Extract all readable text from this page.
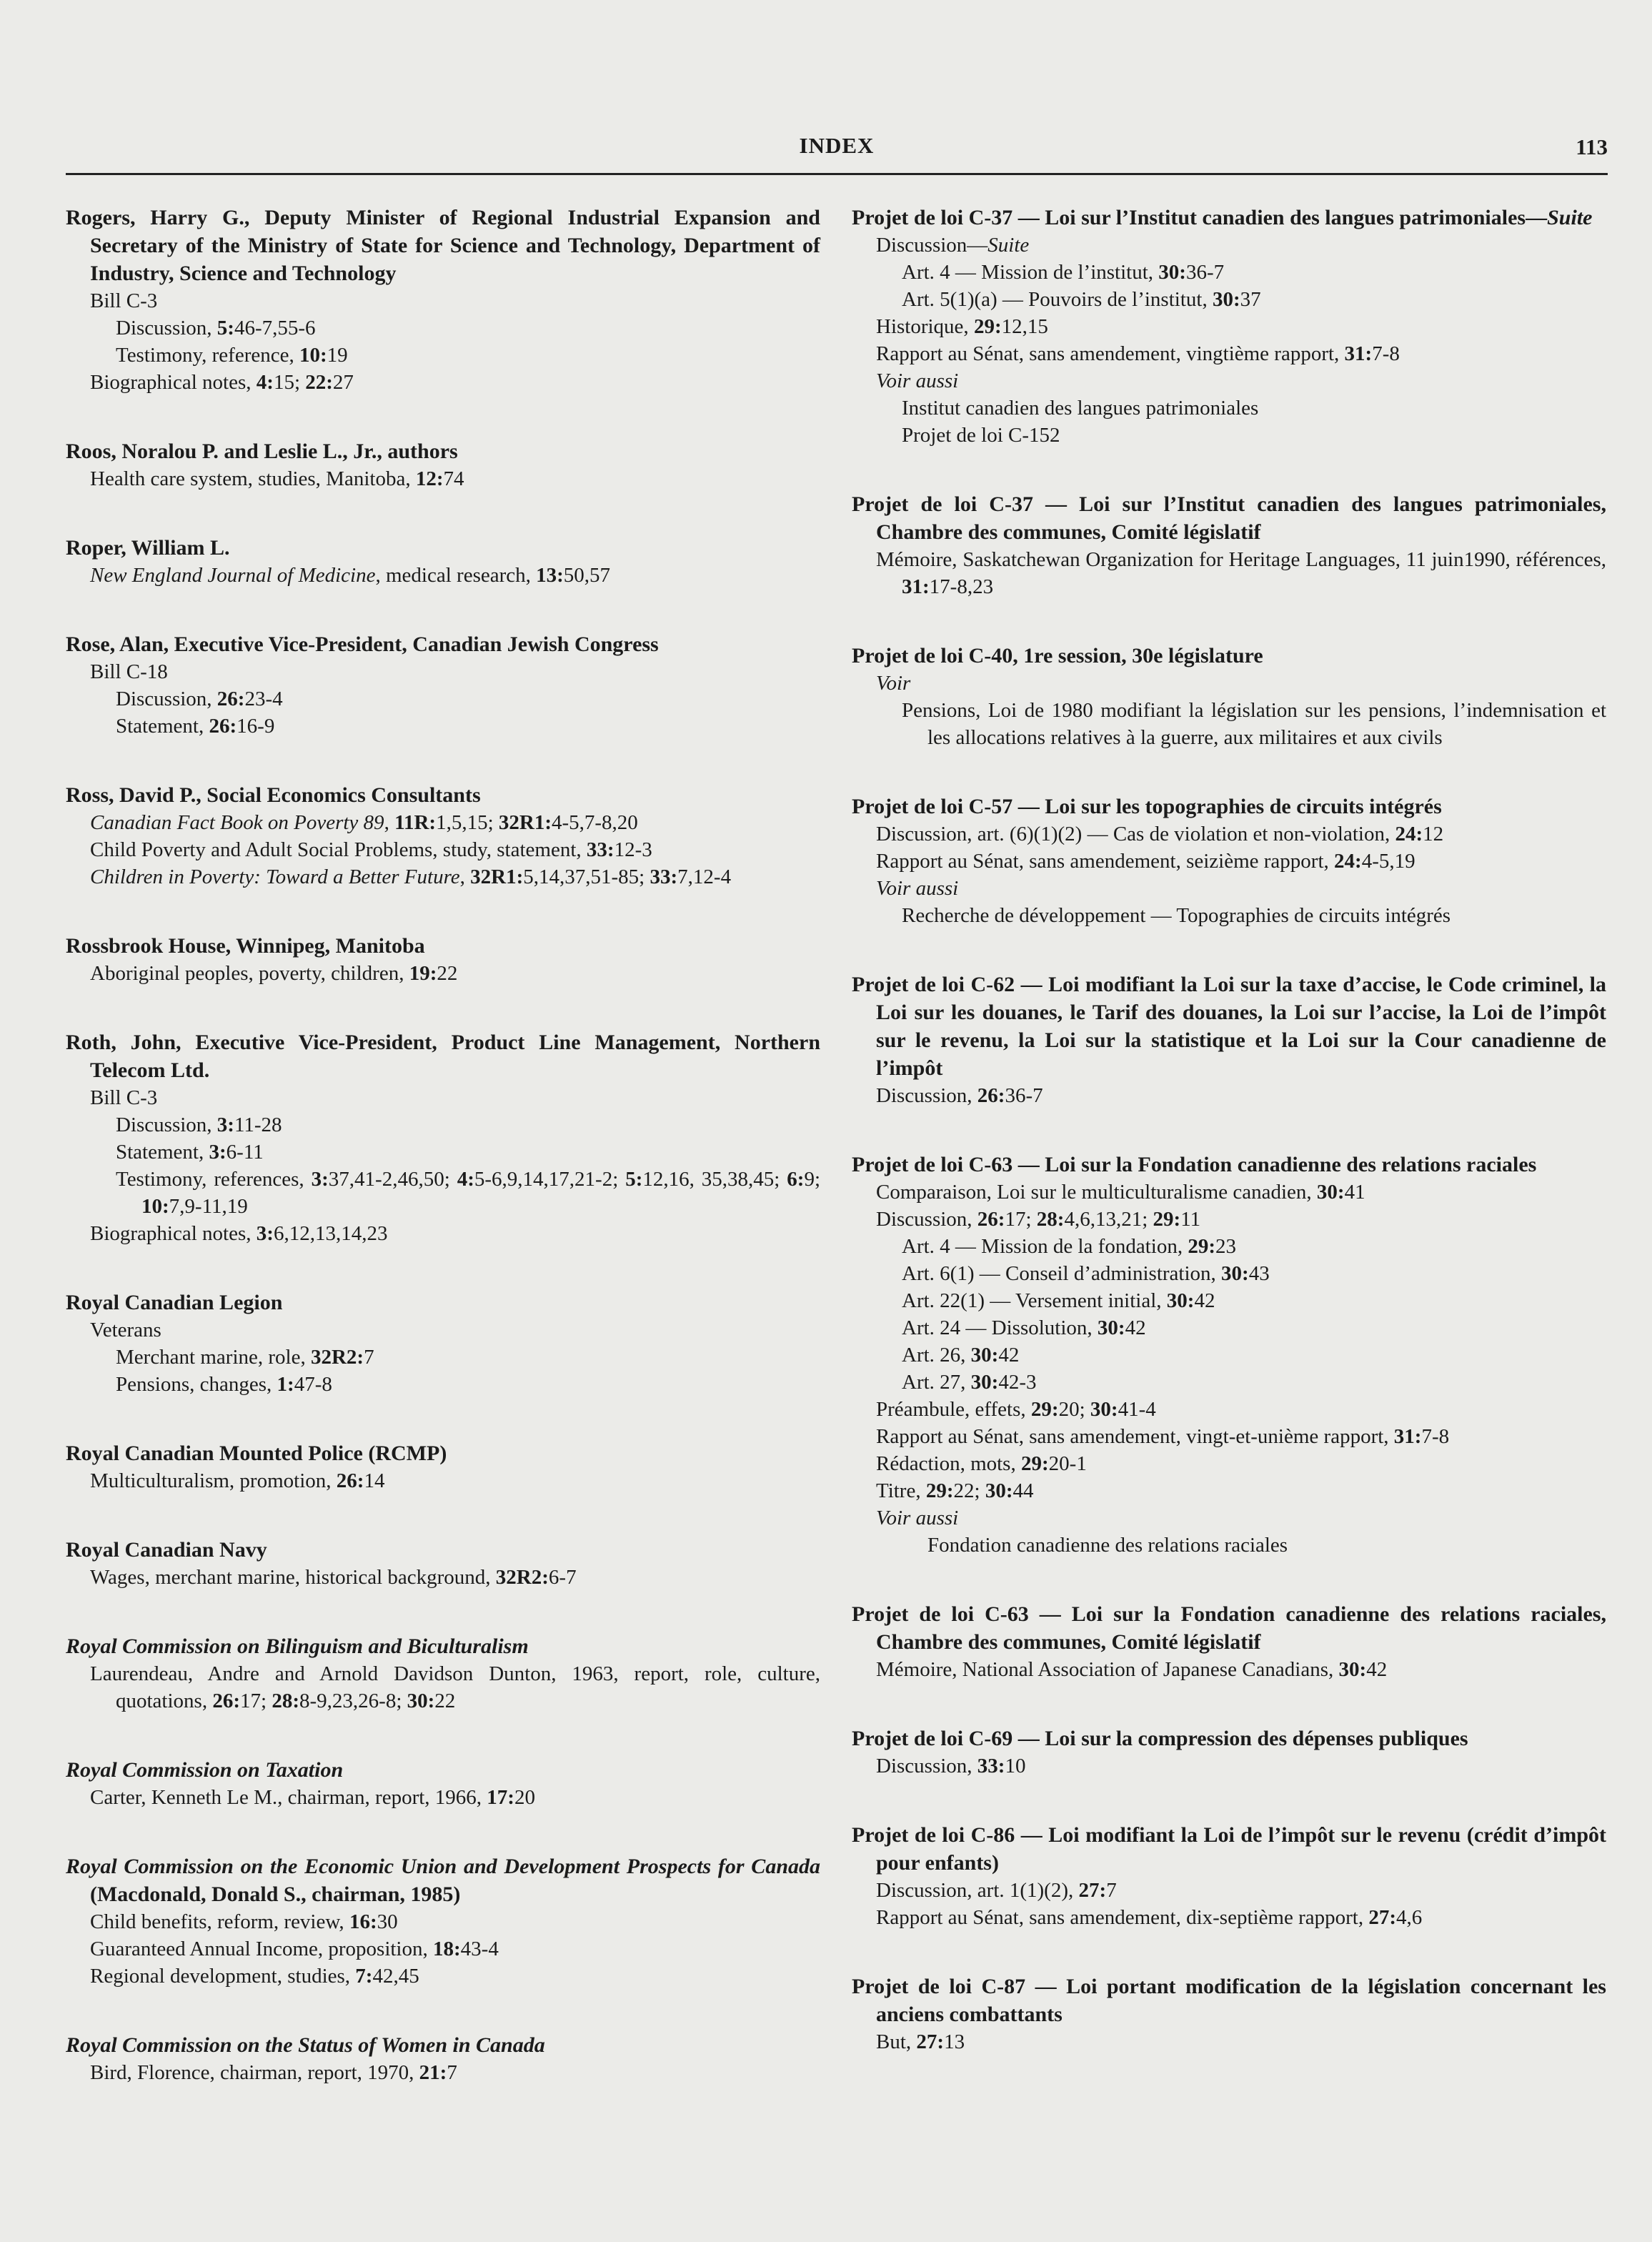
INDEX	113
Rogers, Harry G., Deputy Minister of Regional Industrial Expansion and Secretary of the Ministry of State for Science and Technology, Department of Industry, Science and Technology
Bill C-3
Discussion, 5:46-7,55-6
Testimony, reference, 10:19
Biographical notes, 4:15; 22:27
Roos, Noralou P. and Leslie L., Jr., authors
Health care system, studies, Manitoba, 12:74
Roper, William L.
New England Journal of Medicine, medical research, 13:50,57
Rose, Alan, Executive Vice-President, Canadian Jewish Congress
Bill C-18
Discussion, 26:23-4
Statement, 26:16-9
Ross, David P., Social Economics Consultants
Canadian Fact Book on Poverty 89, 11R:1,5,15; 32R1:4-5,7-8,20
Child Poverty and Adult Social Problems, study, statement, 33:12-3
Children in Poverty: Toward a Better Future, 32R1:5,14,37,51-85; 33:7,12-4
Rossbrook House, Winnipeg, Manitoba
Aboriginal peoples, poverty, children, 19:22
Roth, John, Executive Vice-President, Product Line Management, Northern Telecom Ltd.
Bill C-3
Discussion, 3:11-28
Statement, 3:6-11
Testimony, references, 3:37,41-2,46,50; 4:5-6,9,14,17,21-2; 5:12,16, 35,38,45; 6:9; 10:7,9-11,19
Biographical notes, 3:6,12,13,14,23
Royal Canadian Legion
Veterans
Merchant marine, role, 32R2:7
Pensions, changes, 1:47-8
Royal Canadian Mounted Police (RCMP)
Multiculturalism, promotion, 26:14
Royal Canadian Navy
Wages, merchant marine, historical background, 32R2:6-7
Royal Commission on Bilinguism and Biculturalism
Laurendeau, Andre and Arnold Davidson Dunton, 1963, report, role, culture, quotations, 26:17; 28:8-9,23,26-8; 30:22
Royal Commission on Taxation
Carter, Kenneth Le M., chairman, report, 1966, 17:20
Royal Commission on the Economic Union and Development Prospects for Canada (Macdonald, Donald S., chairman, 1985)
Child benefits, reform, review, 16:30
Guaranteed Annual Income, proposition, 18:43-4
Regional development, studies, 7:42,45
Royal Commission on the Status of Women in Canada
Bird, Florence, chairman, report, 1970, 21:7
Projet de loi C-37 — Loi sur l’Institut canadien des langues patrimoniales—Suite
Discussion—Suite
Art. 4 — Mission de l’institut, 30:36-7
Art. 5(1)(a) — Pouvoirs de l’institut, 30:37
Historique, 29:12,15
Rapport au Sénat, sans amendement, vingtième rapport, 31:7-8
Voir aussi
Institut canadien des langues patrimoniales
Projet de loi C-152
Projet de loi C-37 — Loi sur l’Institut canadien des langues patrimoniales, Chambre des communes, Comité législatif
Mémoire, Saskatchewan Organization for Heritage Languages, 11 juin1990, références, 31:17-8,23
Projet de loi C-40, 1re session, 30e législature
Voir
Pensions, Loi de 1980 modifiant la législation sur les pensions, l’indemnisation et les allocations relatives à la guerre, aux militaires et aux civils
Projet de loi C-57 — Loi sur les topographies de circuits intégrés
Discussion, art. (6)(1)(2) — Cas de violation et non-violation, 24:12
Rapport au Sénat, sans amendement, seizième rapport, 24:4-5,19
Voir aussi
Recherche de développement — Topographies de circuits intégrés
Projet de loi C-62 — Loi modifiant la Loi sur la taxe d’accise, le Code criminel, la Loi sur les douanes, le Tarif des douanes, la Loi sur l’accise, la Loi de l’impôt sur le revenu, la Loi sur la statistique et la Loi sur la Cour canadienne de l’impôt
Discussion, 26:36-7
Projet de loi C-63 — Loi sur la Fondation canadienne des relations raciales
Comparaison, Loi sur le multiculturalisme canadien, 30:41
Discussion, 26:17; 28:4,6,13,21; 29:11
Art. 4 — Mission de la fondation, 29:23
Art. 6(1) — Conseil d’administration, 30:43
Art. 22(1) — Versement initial, 30:42
Art. 24 — Dissolution, 30:42
Art. 26, 30:42
Art. 27, 30:42-3
Préambule, effets, 29:20; 30:41-4
Rapport au Sénat, sans amendement, vingt-et-unième rapport, 31:7-8
Rédaction, mots, 29:20-1
Titre, 29:22; 30:44
Voir aussi
Fondation canadienne des relations raciales
Projet de loi C-63 — Loi sur la Fondation canadienne des relations raciales, Chambre des communes, Comité législatif
Mémoire, National Association of Japanese Canadians, 30:42
Projet de loi C-69 — Loi sur la compression des dépenses publiques
Discussion, 33:10
Projet de loi C-86 — Loi modifiant la Loi de l’impôt sur le revenu (crédit d’impôt pour enfants)
Discussion, art. 1(1)(2), 27:7
Rapport au Sénat, sans amendement, dix-septième rapport, 27:4,6
Projet de loi C-87 — Loi portant modification de la législation concernant les anciens combattants
But, 27:13
